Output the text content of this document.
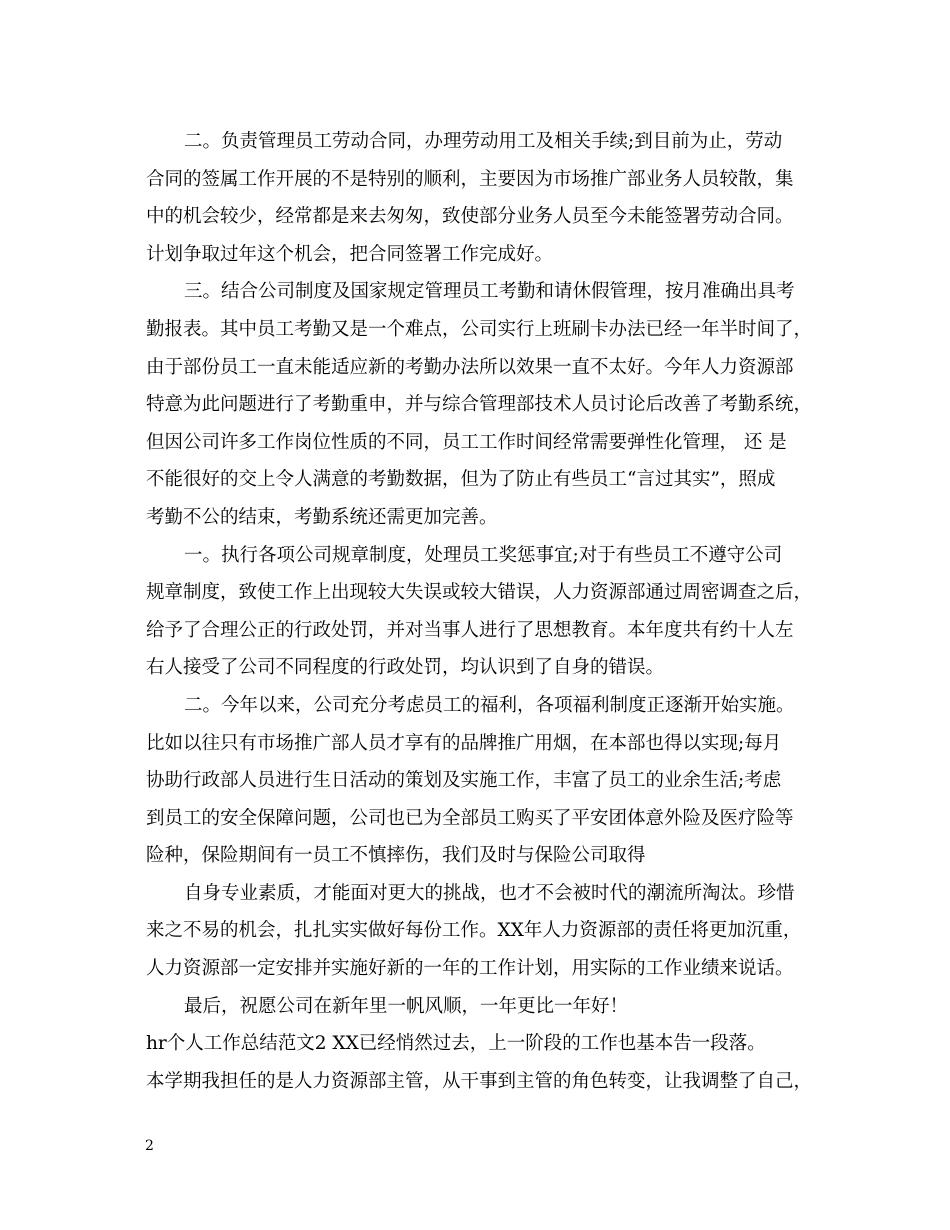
二。负责管理员工劳动合同，办理劳动用工及相关手续;到目前为止，劳动
合同的签属工作开展的不是特别的顺利，主要因为市场推广部业务人员较散，集
中的机会较少，经常都是来去匆匆，致使部分业务人员至今未能签署劳动合同。
计划争取过年这个机会，把合同签署工作完成好。
三。结合公司制度及国家规定管理员工考勤和请休假管理，按月准确出具考
勤报表。其中员工考勤又是一个难点，公司实行上班刷卡办法已经一年半时间了，
由于部份员工一直未能适应新的考勤办法所以效果一直不太好。今年人力资源部
特意为此问题进行了考勤重申，并与综合管理部技术人员讨论后改善了考勤系统，
但因公司许多工作岗位性质的不同，员工工作时间经常需要弹性化管理， 还 是
不能很好的交上令人满意的考勤数据，但为了防止有些员工“言过其实”，照成
考勤不公的结束，考勤系统还需更加完善。
一。执行各项公司规章制度，处理员工奖惩事宜;对于有些员工不遵守公司
规章制度，致使工作上出现较大失误或较大错误，人力资源部通过周密调查之后，
给予了合理公正的行政处罚，并对当事人进行了思想教育。本年度共有约十人左
右人接受了公司不同程度的行政处罚，均认识到了自身的错误。
二。今年以来，公司充分考虑员工的福利，各项福利制度正逐渐开始实施。
比如以往只有市场推广部人员才享有的品牌推广用烟，在本部也得以实现;每月
协助行政部人员进行生日活动的策划及实施工作，丰富了员工的业余生活;考虑
到员工的安全保障问题，公司也已为全部员工购买了平安团体意外险及医疗险等
险种，保险期间有一员工不慎摔伤，我们及时与保险公司取得
自身专业素质，才能面对更大的挑战，也才不会被时代的潮流所淘汰。珍惜
来之不易的机会，扎扎实实做好每份工作。XX年人力资源部的责任将更加沉重，
人力资源部一定安排并实施好新的一年的工作计划，用实际的工作业绩来说话。
最后，祝愿公司在新年里一帆风顺，一年更比一年好！
hr个人工作总结范文2 XX已经悄然过去，上一阶段的工作也基本告一段落。
本学期我担任的是人力资源部主管，从干事到主管的角色转变，让我调整了自己，
2
